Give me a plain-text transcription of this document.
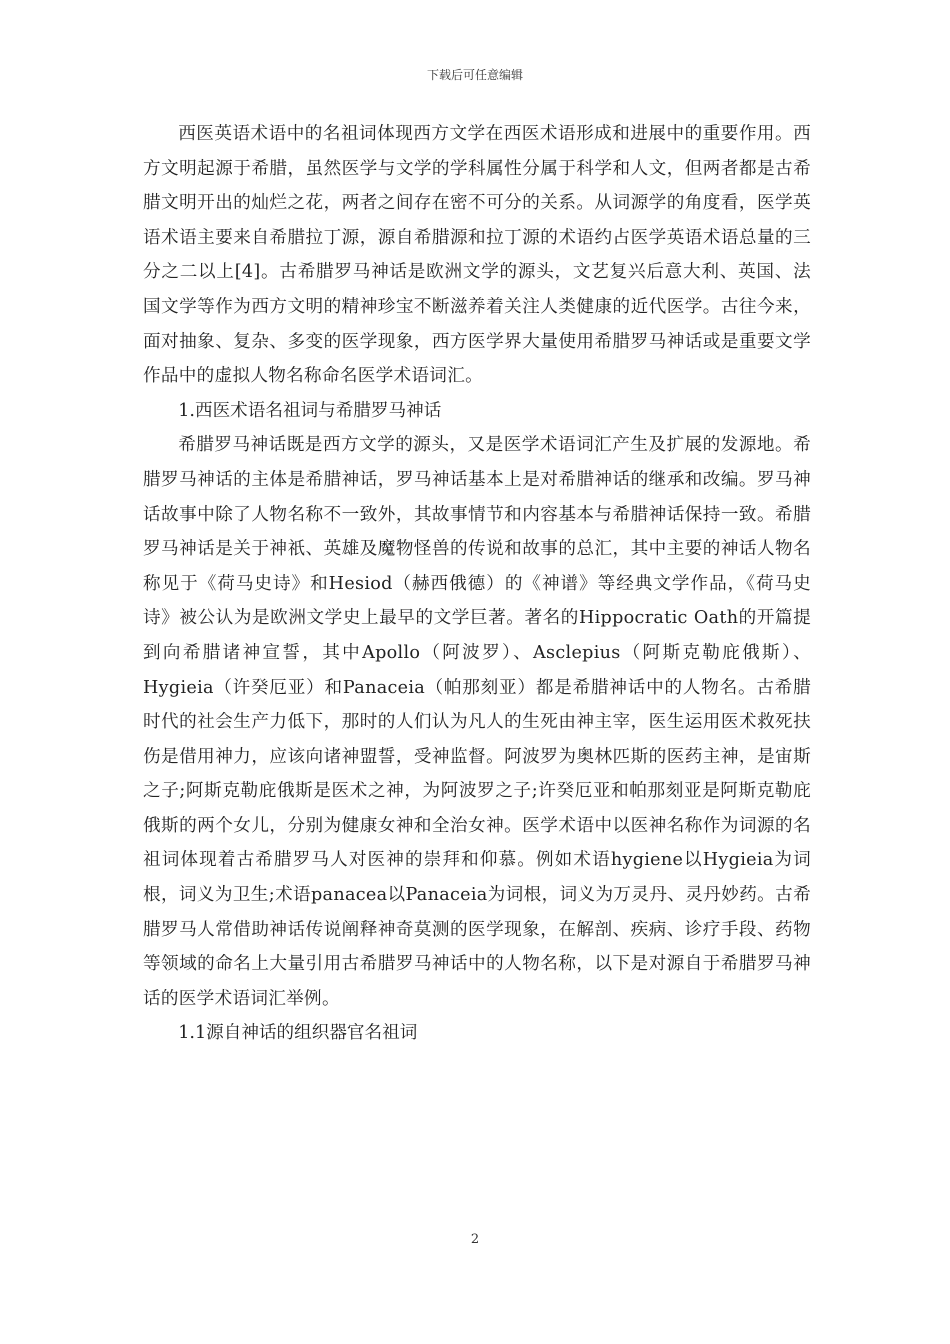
下载后可任意编辑

西医英语术语中的名祖词体现西方文学在西医术语形成和进展中的重要作用。西方文明起源于希腊，虽然医学与文学的学科属性分属于科学和人文，但两者都是古希腊文明开出的灿烂之花，两者之间存在密不可分的关系。从词源学的角度看，医学英语术语主要来自希腊拉丁源，源自希腊源和拉丁源的术语约占医学英语术语总量的三分之二以上[4]。古希腊罗马神话是欧洲文学的源头，文艺复兴后意大利、英国、法国文学等作为西方文明的精神珍宝不断滋养着关注人类健康的近代医学。古往今来，面对抽象、复杂、多变的医学现象，西方医学界大量使用希腊罗马神话或是重要文学作品中的虚拟人物名称命名医学术语词汇。

1.西医术语名祖词与希腊罗马神话

希腊罗马神话既是西方文学的源头，又是医学术语词汇产生及扩展的发源地。希腊罗马神话的主体是希腊神话，罗马神话基本上是对希腊神话的继承和改编。罗马神话故事中除了人物名称不一致外，其故事情节和内容基本与希腊神话保持一致。希腊罗马神话是关于神祇、英雄及魔物怪兽的传说和故事的总汇，其中主要的神话人物名称见于《荷马史诗》和Hesiod（赫西俄德）的《神谱》等经典文学作品，《荷马史诗》被公认为是欧洲文学史上最早的文学巨著。著名的Hippocratic Oath的开篇提到向希腊诸神宣誓，其中Apollo（阿波罗）、Asclepius（阿斯克勒庇俄斯）、Hygieia（许癸厄亚）和Panaceia（帕那刻亚）都是希腊神话中的人物名。古希腊时代的社会生产力低下，那时的人们认为凡人的生死由神主宰，医生运用医术救死扶伤是借用神力，应该向诸神盟誓，受神监督。阿波罗为奥林匹斯的医药主神，是宙斯之子;阿斯克勒庇俄斯是医术之神，为阿波罗之子;许癸厄亚和帕那刻亚是阿斯克勒庇俄斯的两个女儿，分别为健康女神和全治女神。医学术语中以医神名称作为词源的名祖词体现着古希腊罗马人对医神的崇拜和仰慕。例如术语hygiene以Hygieia为词根，词义为卫生;术语panacea以Panaceia为词根，词义为万灵丹、灵丹妙药。古希腊罗马人常借助神话传说阐释神奇莫测的医学现象，在解剖、疾病、诊疗手段、药物等领域的命名上大量引用古希腊罗马神话中的人物名称，以下是对源自于希腊罗马神话的医学术语词汇举例。

1.1源自神话的组织器官名祖词

2
